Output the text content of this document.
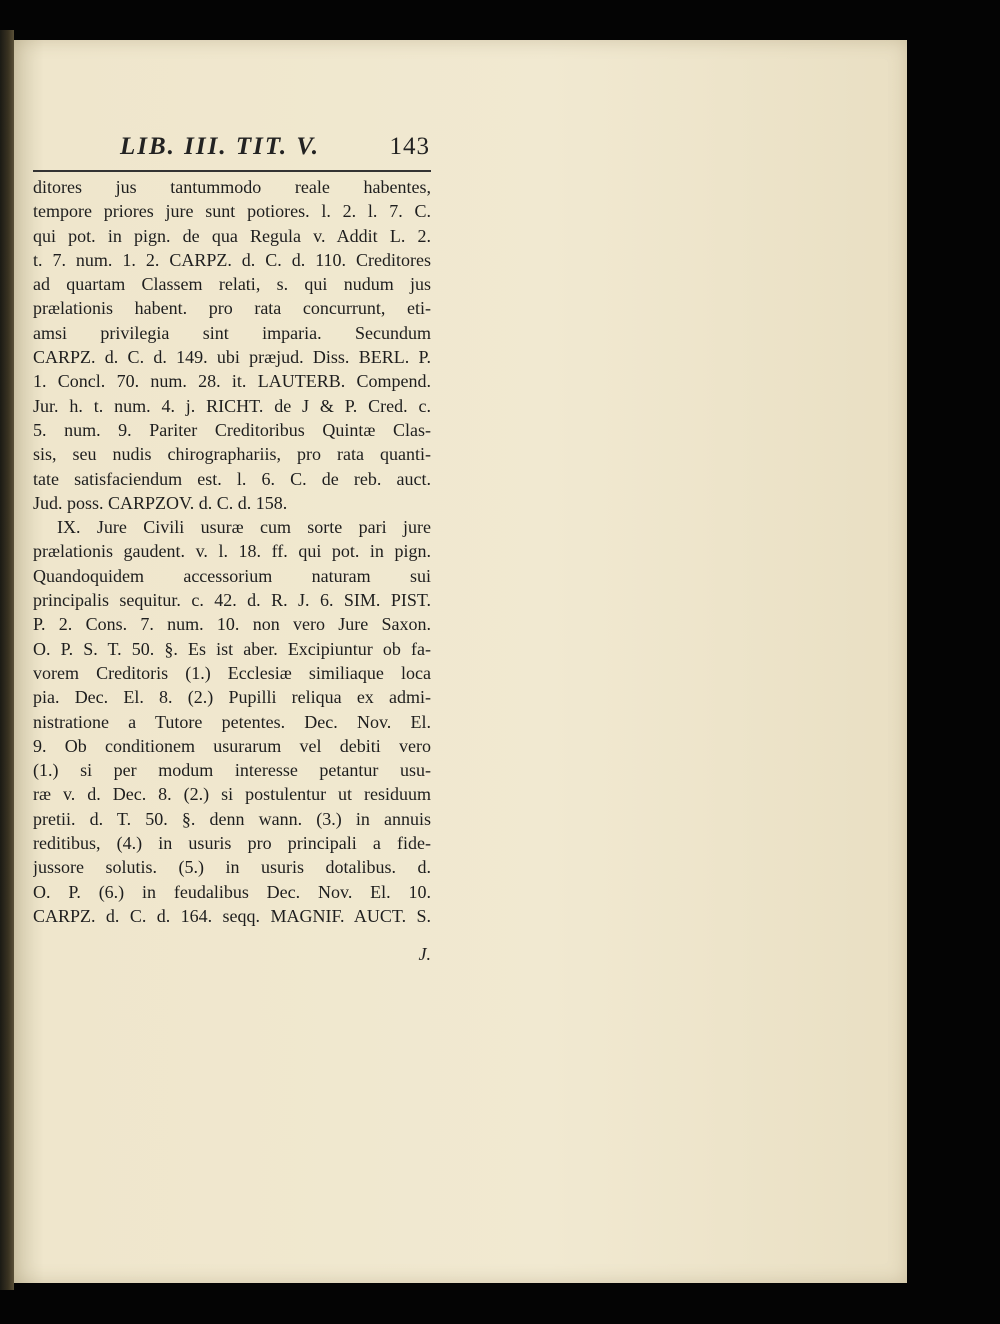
LIB. III. TIT. V.	143
ditores jus tantummodo reale habentes,
tempore priores jure sunt potiores. l. 2. l. 7. C.
qui pot. in pign. de qua Regula v. Addit L. 2.
t. 7. num. 1. 2. CARPZ. d. C. d. 110. Creditores
ad quartam Classem relati, s. qui nudum jus
prælationis habent. pro rata concurrunt, eti-
amsi privilegia sint imparia. Secundum
CARPZ. d. C. d. 149. ubi præjud. Diss. BERL. P.
1. Concl. 70. num. 28. it. LAUTERB. Compend.
Jur. h. t. num. 4. j. RICHT. de J & P. Cred. c.
5. num. 9. Pariter Creditoribus Quintæ Clas-
sis, seu nudis chirographariis, pro rata quanti-
tate satisfaciendum est. l. 6. C. de reb. auct.
Jud. poss. CARPZOV. d. C. d. 158.
IX. Jure Civili usuræ cum sorte pari jure
prælationis gaudent. v. l. 18. ff. qui pot. in pign.
Quandoquidem accessorium naturam sui
principalis sequitur. c. 42. d. R. J. 6. SIM. PIST.
P. 2. Cons. 7. num. 10. non vero Jure Saxon.
O. P. S. T. 50. §. Es ist aber. Excipiuntur ob fa-
vorem Creditoris (1.) Ecclesiæ similiaque loca
pia. Dec. El. 8. (2.) Pupilli reliqua ex admi-
nistratione a Tutore petentes. Dec. Nov. El.
9. Ob conditionem usurarum vel debiti vero
(1.) si per modum interesse petantur usu-
ræ v. d. Dec. 8. (2.) si postulentur ut residuum
pretii. d. T. 50. §. denn wann. (3.) in annuis
reditibus, (4.) in usuris pro principali a fide-
jussore solutis. (5.) in usuris dotalibus. d.
O. P. (6.) in feudalibus Dec. Nov. El. 10.
CARPZ. d. C. d. 164. seqq. MAGNIF. AUCT. S.
J.
